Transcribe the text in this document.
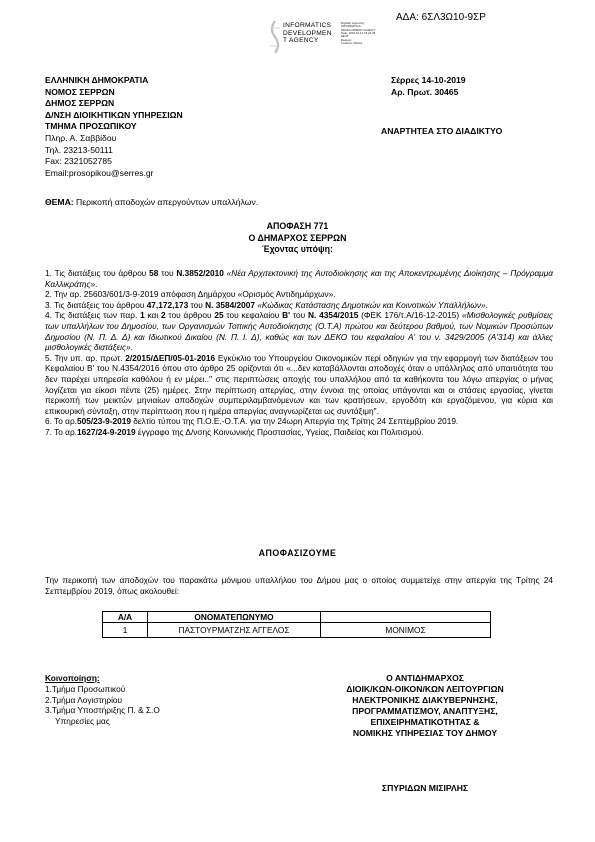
ΑΔΑ: 6ΣΛ3Ω10-9ΣΡ
INFORMATICS
DEVELOPMEN
T AGENCY
Digitally signed by
INFORMATICS
DEVELOPMENT AGENCY
Date: 2019.10.14 15:22:38
EEST
Reason:
Location: Athens
ΕΛΛΗΝΙΚΗ ΔΗΜΟΚΡΑΤΙΑ
ΝΟΜΟΣ ΣΕΡΡΩΝ
ΔΗΜΟΣ ΣΕΡΡΩΝ
Δ/ΝΣΗ ΔΙΟΙΚΗΤΙΚΩΝ ΥΠΗΡΕΣΙΩΝ
ΤΜΗΜΑ ΠΡΟΣΩΠΙΚΟΥ
Πληρ. Α. Σαββίδου
Τηλ. 23213-50111
Fax: 2321052785
Email:prosopikou@serres.gr
Σέρρες 14-10-2019
Αρ. Πρωτ. 30465
ΑΝΑΡΤΗΤΕΑ ΣΤΟ ΔΙΑΔΙΚΤΥΟ
ΘΕΜΑ: Περικοπή αποδοχών απεργούντων υπαλλήλων.
ΑΠΟΦΑΣΗ 771
Ο ΔΗΜΑΡΧΟΣ ΣΕΡΡΩΝ
Έχοντας υπόψη:

1. Τις διατάξεις του άρθρου 58 του Ν.3852/2010 «Νέα Αρχιτεκτονική της Αυτοδιοίκησης και της Αποκεντρωμένης Διοίκησης – Πρόγραμμα Καλλικράτης».

2. Την αρ. 25603/601/3-9-2019 απόφαση Δημάρχου «Ορισμός Αντιδημάρχων».

3. Τις διατάξεις του άρθρου 47,172,173 του Ν. 3584/2007 «Κώδικας Κατάστασης Δημοτικών και Κοινοτικών Υπαλλήλων».

4. Τις διατάξεις των παρ. 1 και 2 του άρθρου 25 του κεφαλαίου Β' του Ν. 4354/2015 (ΦΕΚ 176/τ.Α/16-12-2015) «Μισθολογικές ρυθμίσεις των υπαλλήλων του Δημοσίου, των Οργανισμών Τοπικής Αυτοδιοίκησης (Ο.Τ.Α) πρώτου και δεύτερου βαθμού, των Νομικών Προσώπων Δημοσίου (Ν. Π. Δ. Δ) και Ιδιωτικού Δικαίου (Ν. Π. Ι. Δ), καθώς και των ΔΕΚΟ του κεφαλαίου Α' του ν. 3429/2005 (Α'314) και άλλες μισθολογικές διατάξεις».

5. Την υπ. αρ. πρωτ. 2/2015/ΔΕΠ/05-01-2016 Εγκύκλιο του Υπουργείου Οικονομικών περί οδηγιών για την εφαρμογή των διατάξεων του Κεφαλαίου Β' του Ν.4354/2016 όπου στο άρθρο 25 ορίζονται ότι «...δεν καταβάλλονται αποδοχές όταν ο υπάλληλος από υπαιτιότητα του δεν παρέχει υπηρεσία καθόλου ή εν μέρει.." στις περιπτώσεις αποχής του υπαλλήλου από τα καθήκοντα του λόγω απεργίας ο μήνας λογίζεται για είκοσι πέντε (25) ημέρες. Στην περίπτωση απεργίας, στην έννοια της οποίας υπάγονται και οι στάσεις εργασίας, γίνεται περικοπή των μεικτών μηνιαίων αποδοχών συμπεριλαμβανόμενων και των κρατήσεων, εργοδότη και εργαζόμενου, για κύρια και επικουρική σύνταξη, στην περίπτωση που η ημέρα απεργίας αναγνωρίζεται ως συντάξιμη".

6. Το αρ.505/23-9-2019 δελτίο τύπου της Π.Ο.Ε.-Ο.Τ.Α. για την 24ωρη Απεργία της Τρίτης 24 Σεπτεμβρίου 2019.

7. Το αρ.1627/24-9-2019 έγγραφο της Δ/νσης Κοινωνικής Προστασίας, Υγείας, Παιδείας και Πολιτισμού.

ΑΠΟΦΑΣΙΖΟΥΜΕ
Την περικοπή των αποδοχών του παρακάτω μόνιμου υπαλλήλου του Δήμου μας ο οποίος συμμετείχε στην απεργία της Τρίτης 24 Σεπτεμβρίου 2019, όπως ακολουθεί:
Α/Α	ΟΝΟΜΑΤΕΠΩΝΥΜΟ	
1	ΠΑΣΤΟΥΡΜΑΤΖΗΣ ΑΓΓΕΛΟΣ	ΜΟΝΙΜΟΣ
Κοινοποίηση:
1.Τμήμα Προσωπικού
2.Τμήμα Λογιστηρίου
3.Τμήμα Υποστήριξης Π. & Σ.Ο
Υπηρεσίες μας
Ο ΑΝΤΙΔΗΜΑΡΧΟΣ
ΔΙΟΙΚ/ΚΩΝ-ΟΙΚΟΝ/ΚΩΝ ΛΕΙΤΟΥΡΓΙΩΝ
ΗΛΕΚΤΡΟΝΙΚΗΣ ΔΙΑΚΥΒΕΡΝΗΣΗΣ,
ΠΡΟΓΡΑΜΜΑΤΙΣΜΟΥ, ΑΝΑΠΤΥΞΗΣ,
ΕΠΙΧΕΙΡΗΜΑΤΙΚΟΤΗΤΑΣ &
ΝΟΜΙΚΗΣ ΥΠΗΡΕΣΙΑΣ ΤΟΥ ΔΗΜΟΥ
ΣΠΥΡΙΔΩΝ ΜΙΣΙΡΛΗΣ
